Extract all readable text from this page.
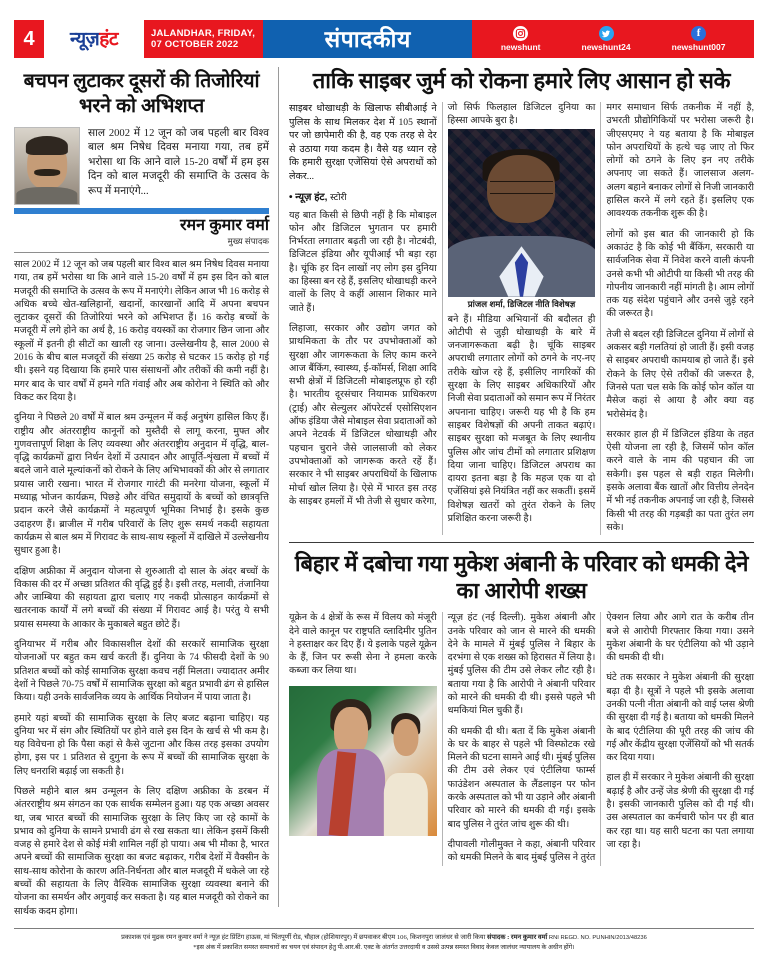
4	न्यूज़हंट	JALANDHAR, FRIDAY,
07 OCTOBER 2022	संपादकीय	newshunt	newshunt24
f
newshunt007
बचपन लुटाकर दूसरों की तिजोरियां भरने को अभिशप्त
साल 2002 में 12 जून को जब पहली बार विश्व बाल श्रम निषेध दिवस मनाया गया, तब हमें भरोसा था कि आने वाले 15-20 वर्षों में हम इस दिन को बाल मजदूरी की समाप्ति के उत्सव के रूप में मनाएंगे...
रमन कुमार वर्मा
मुख्य संपादक

साल 2002 में 12 जून को जब पहली बार विश्व बाल श्रम निषेध दिवस मनाया गया, तब हमें भरोसा था कि आने वाले 15-20 वर्षों में हम इस दिन को बाल मजदूरी की समाप्ति के उत्सव के रूप में मनाएंगे। लेकिन आज भी 16 करोड़ से अधिक बच्चे खेत-खलिहानों, खदानों, कारखानों आदि में अपना बचपन लुटाकर दूसरों की तिजोरियां भरने को अभिशप्त हैं। 16 करोड़ बच्चों के मजदूरी में लगे होने का अर्थ है, 16 करोड़ वयस्कों का रोजगार छिन जाना और स्कूलों में इतनी ही सीटों का खाली रह जाना। उल्लेखनीय है, साल 2000 से 2016 के बीच बाल मजदूरों की संख्या 25 करोड़ से घटकर 15 करोड़ हो गई थी। इसने यह दिखाया कि हमारे पास संसाधनों और तरीकों की कमी नहीं है। मगर बाद के चार वर्षों में हमने गति गंवाई और अब कोरोना ने स्थिति को और विकट कर दिया है।

दुनिया ने पिछले 20 वर्षों में बाल श्रम उन्मूलन में कई अनुषंग हासिल किए हैं। राष्ट्रीय और अंतरराष्ट्रीय कानूनों को मुस्तैदी से लागू करना, मुफ्त और गुणवत्तापूर्ण शिक्षा के लिए व्यवस्था और अंतरराष्ट्रीय अनुदान में वृद्धि, बाल-वृद्धि कार्यक्रमों द्वारा निर्धन देशों में उत्पादन और आपूर्ति-शृंखला में बच्चों में बदले जाने वाले मूल्यांकनों को रोकने के लिए अभिभावकों की ओर से लगातार प्रयास जारी रखना। भारत में रोजगार गारंटी की मनरेगा योजना, स्कूलों में मध्याह्न भोजन कार्यक्रम, पिछड़े और वंचित समुदायों के बच्चों को छात्रवृत्ति प्रदान करने जैसे कार्यक्रमों ने महत्वपूर्ण भूमिका निभाई है। इसके कुछ उदाहरण हैं। ब्राजील में गरीब परिवारों के लिए शुरू समर्थ नकदी सहायता कार्यक्रम से बाल श्रम में गिरावट के साथ-साथ स्कूलों में दाखिले में उल्लेखनीय सुधार हुआ है।

दक्षिण अफ्रीका में अनुदान योजना से शुरुआती दो साल के अंदर बच्चों के विकास की दर में अच्छा प्रतिशत की वृद्धि हुई है। इसी तरह, मलावी, तंजानिया और जाम्बिया की सहायता द्वारा चलाए गए नकदी प्रोत्साहन कार्यक्रमों से खतरनाक कार्यों में लगे बच्चों की संख्या में गिरावट आई है। परंतु ये सभी प्रयास समस्या के आकार के मुकाबले बहुत छोटे हैं।

दुनियाभर में गरीब और विकासशील देशों की सरकारें सामाजिक सुरक्षा योजनाओं पर बहुत कम खर्च करती हैं। दुनिया के 74 फीसदी देशों के 90 प्रतिशत बच्चों को कोई सामाजिक सुरक्षा कवच नहीं मिलता। ज्यादातर अमीर देशों ने पिछले 70-75 वर्षों में सामाजिक सुरक्षा को बहुत प्रभावी ढंग से हासिल किया। यही उनके सार्वजनिक व्यय के आर्थिक नियोजन में पाया जाता है।

हमारे यहां बच्चों की सामाजिक सुरक्षा के लिए बजट बढ़ाना चाहिए। यह दुनिया भर में संग और स्थितियों पर होने वाले इस दिन के खर्च से भी कम है। यह विवेचना हो कि पैसा कहां से कैसे जुटाना और किस तरह इसका उपयोग होगा, इस पर 1 प्रतिशत से दुगुना के रूप में बच्चों की सामाजिक सुरक्षा के लिए धनराशि बढ़ाई जा सकती है।

पिछले महीने बाल श्रम उन्मूलन के लिए दक्षिण अफ्रीका के डरबन में अंतरराष्ट्रीय श्रम संगठन का एक सार्थक सम्मेलन हुआ। यह एक अच्छा अवसर था, जब भारत बच्चों की सामाजिक सुरक्षा के लिए किए जा रहे कामों के प्रभाव को दुनिया के सामने प्रभावी ढंग से रख सकता था। लेकिन इसमें किसी वजह से हमारे देश से कोई मंत्री शामिल नहीं हो पाया। अब भी मौका है, भारत अपने बच्चों की सामाजिक सुरक्षा का बजट बढ़ाकर, गरीब देशों में वैक्सीन के साथ-साथ कोरोना के कारण अति-निर्धनता और बाल मजदूरी में धकेले जा रहे बच्चों की सहायता के लिए वैश्विक सामाजिक सुरक्षा व्यवस्था बनाने की योजना का समर्थन और अगुवाई कर सकता है। यह बाल मजदूरी को रोकने का सार्थक कदम होगा।

ताकि साइबर जुर्म को रोकना हमारे लिए आसान हो सके
साइबर धोखाधड़ी के खिलाफ सीबीआई ने पुलिस के साथ मिलकर देश में 105 स्थानों पर जो छापेमारी की है, वह एक तरह से देर से उठाया गया कदम है। वैसे यह ध्यान रहे कि हमारी सुरक्षा एजेंसियां ऐसे अपराधों को लेकर...
• न्यूज़ हंट, स्टोरी

यह बात किसी से छिपी नहीं है कि मोबाइल फोन और डिजिटल भुगतान पर हमारी निर्भरता लगातार बढ़ती जा रही है। नोटबंदी, डिजिटल इंडिया और यूपीआई भी बड़ा रहा है। चूंकि हर दिन लाखों नए लोग इस दुनिया का हिस्सा बन रहे हैं, इसलिए धोखाधड़ी करने वालों के लिए वे कहीं आसान शिकार माने जाते हैं।

लिहाजा, सरकार और उद्योग जगत को प्राथमिकता के तौर पर उपभोक्ताओं को सुरक्षा और जागरूकता के लिए काम करने आज बैंकिंग, स्वास्थ्य, ई-कॉमर्स, शिक्षा आदि सभी क्षेत्रों में डिजिटली मोबाइलप्रूफ हो रही है। भारतीय दूरसंचार नियामक प्राधिकरण (ट्राई) और सेल्युलर ऑपरेटर्स एसोसिएशन ऑफ इंडिया जैसे मोबाइल सेवा प्रदाताओं को अपने नेटवर्क में डिजिटल धोखाधड़ी और पहचान चुराने जैसे जालसाजी को लेकर उपभोक्ताओं को जागरूक करते रहें हैं। सरकार ने भी साइबर अपराधियों के खिलाफ मोर्चा खोल लिया है। ऐसे में भारत इस तरह के साइबर हमलों में भी तेजी से सुधार करेगा, जो सिर्फ फिलहाल डिजिटल दुनिया का हिस्सा आपके बुरा है।

प्रांजल शर्मा, डिजिटल नीति विशेषज्ञ

बने हैं। मीडिया अभियानों की बदौलत ही ओटीपी से जुड़ी धोखाधड़ी के बारे में जनजागरूकता बढ़ी है। चूंकि साइबर अपराधी लगातार लोगों को ठगने के नए-नए तरीके खोज रहे हैं, इसीलिए नागरिकों की सुरक्षा के लिए साइबर अधिकारियों और निजी सेवा प्रदाताओं को समान रूप में निरंतर अपनाना चाहिए। जरूरी यह भी है कि हम साइबर विशेषज्ञों की अपनी ताकत बढ़ाएं। साइबर सुरक्षा को मजबूत के लिए स्थानीय पुलिस और जांच टीमों को लगातार प्रशिक्षण दिया जाना चाहिए। डिजिटल अपराध का दायरा इतना बड़ा है कि महज एक या दो एजेंसियां इसे नियंत्रित नहीं कर सकतीं। इसमें विशेषज्ञ खतरों को तुरंत रोकने के लिए प्रशिक्षित करना जरूरी है।

मगर समाधान सिर्फ तकनीक में नहीं है, उभरती प्रौद्योगिकियों पर भरोसा जरूरी है। जीएसएमए ने यह बताया है कि मोबाइल फोन अपराधियों के हत्थे चढ़ जाए तो फिर लोगों को ठगने के लिए इन नए तरीके अपनाए जा सकते हैं। जालसाज अलग-अलग बहाने बनाकर लोगों से निजी जानकारी हासिल करने में लगे रहते हैं। इसलिए एक आवश्यक तकनीक शुरू की है।

लोगों को इस बात की जानकारी हो कि अकाउंट है कि कोई भी बैंकिंग, सरकारी या सार्वजनिक सेवा में निवेश करने वाली कंपनी उनसे कभी भी ओटीपी या किसी भी तरह की गोपनीय जानकारी नहीं मांगती है। आम लोगों तक यह संदेश पहुंचाने और उनसे जुड़े रहने की जरूरत है।

तेजी से बदल रही डिजिटल दुनिया में लोगों से अकसर बड़ी गलतियां हो जाती हैं। इसी वजह से साइबर अपराधी कामयाब हो जाते हैं। इसे रोकने के लिए ऐसे तरीकों की जरूरत है, जिनसे पता चल सके कि कोई फोन कॉल या मैसेज कहां से आया है और क्या वह भरोसेमंद है।

सरकार हाल ही में डिजिटल इंडिया के तहत ऐसी योजना ला रही है, जिसमें फोन कॉल करने वाले के नाम की पहचान की जा सकेगी। इस पहल से बड़ी राहत मिलेगी। इसके अलावा बैंक खातों और वित्तीय लेनदेन में भी नई तकनीक अपनाई जा रही है, जिससे किसी भी तरह की गड़बड़ी का पता तुरंत लग सके।

बिहार में दबोचा गया मुकेश अंबानी के परिवार को धमकी देने का आरोपी शख्स

यूक्रेन के 4 क्षेत्रों के रूस में विलय को मंजूरी देने वाले कानून पर राष्ट्रपति व्लादिमीर पुतिन ने हस्ताक्षर कर दिए हैं। ये इलाके पहले यूक्रेन के हैं, जिन पर रूसी सेना ने हमला करके कब्जा कर लिया था।

न्यूज़ हंट (नई दिल्ली). मुकेश अंबानी और उनके परिवार को जान से मारने की धमकी देने के मामले में मुंबई पुलिस ने बिहार के दरभंगा से एक शख्स को हिरासत में लिया है। मुंबई पुलिस की टीम उसे लेकर लौट रही है। बताया गया है कि आरोपी ने अंबानी परिवार को मारने की धमकी दी थी। इससे पहले भी धमकियां मिल चुकी हैं।

की धमकी दी थी। बता दें कि मुकेश अंबानी के घर के बाहर से पहले भी विस्फोटक रखे मिलने की घटना सामने आई थी। मुंबई पुलिस की टीम उसे लेकर एवं एंटीलिया फार्म्स फाउंडेशन अस्पताल के लैंडलाइन पर फोन करके अस्पताल को भी या उड़ाने और अंबानी परिवार को मारने की धमकी दी गई। इसके बाद पुलिस ने तुरंत जांच शुरू की थी।

दीपावली गोलीमुक्त ने कहा, अंबानी परिवार को धमकी मिलने के बाद मुंबई पुलिस ने तुरंत ऐक्शन लिया और आगे रात के करीब तीन बजे से आरोपी गिरफ्तार किया गया। उसने मुकेश अंबानी के घर एंटीलिया को भी उड़ाने की धमकी दी थी।

घंटे तक सरकार ने मुकेश अंबानी की सुरक्षा बढ़ा दी है। सूत्रों ने पहले भी इसके अलावा उनकी पत्नी नीता अंबानी को वाई प्लस श्रेणी की सुरक्षा दी गई है। बताया को धमकी मिलने के बाद एंटीलिया की पूरी तरह की जांच की गई और केंद्रीय सुरक्षा एजेंसियों को भी सतर्क कर दिया गया।

हाल ही में सरकार ने मुकेश अंबानी की सुरक्षा बढ़ाई है और उन्हें जेड श्रेणी की सुरक्षा दी गई है। इसकी जानकारी पुलिस को दी गई थी। उस अस्पताल का कर्मचारी फोन पर ही बात कर रहा था। यह सारी घटना का पता लगाया जा रहा है।

प्रकाशक एवं मुद्रक रमन कुमार वर्मा ने न्यूज़ हंट प्रिंटिंग हाऊस, मां चिंतपूर्णी रोड, चौहाल (होशियारपुर) में छपवाकर बीएम 106, किशनपुरा जालंधर से जारी किया संपादक : रमन कुमार वर्मा RNI REGD. NO. PUNHIN/2013/48236
*इस अंक में प्रकाशित समस्त समाचारों का चयन एवं संपादन हेतु पी.आर.बी. एक्ट के अंतर्गत उत्तरदायी व उससे उत्पन्न समस्त विवाद केवल जालंधर न्यायालय के अधीन होंगे।
